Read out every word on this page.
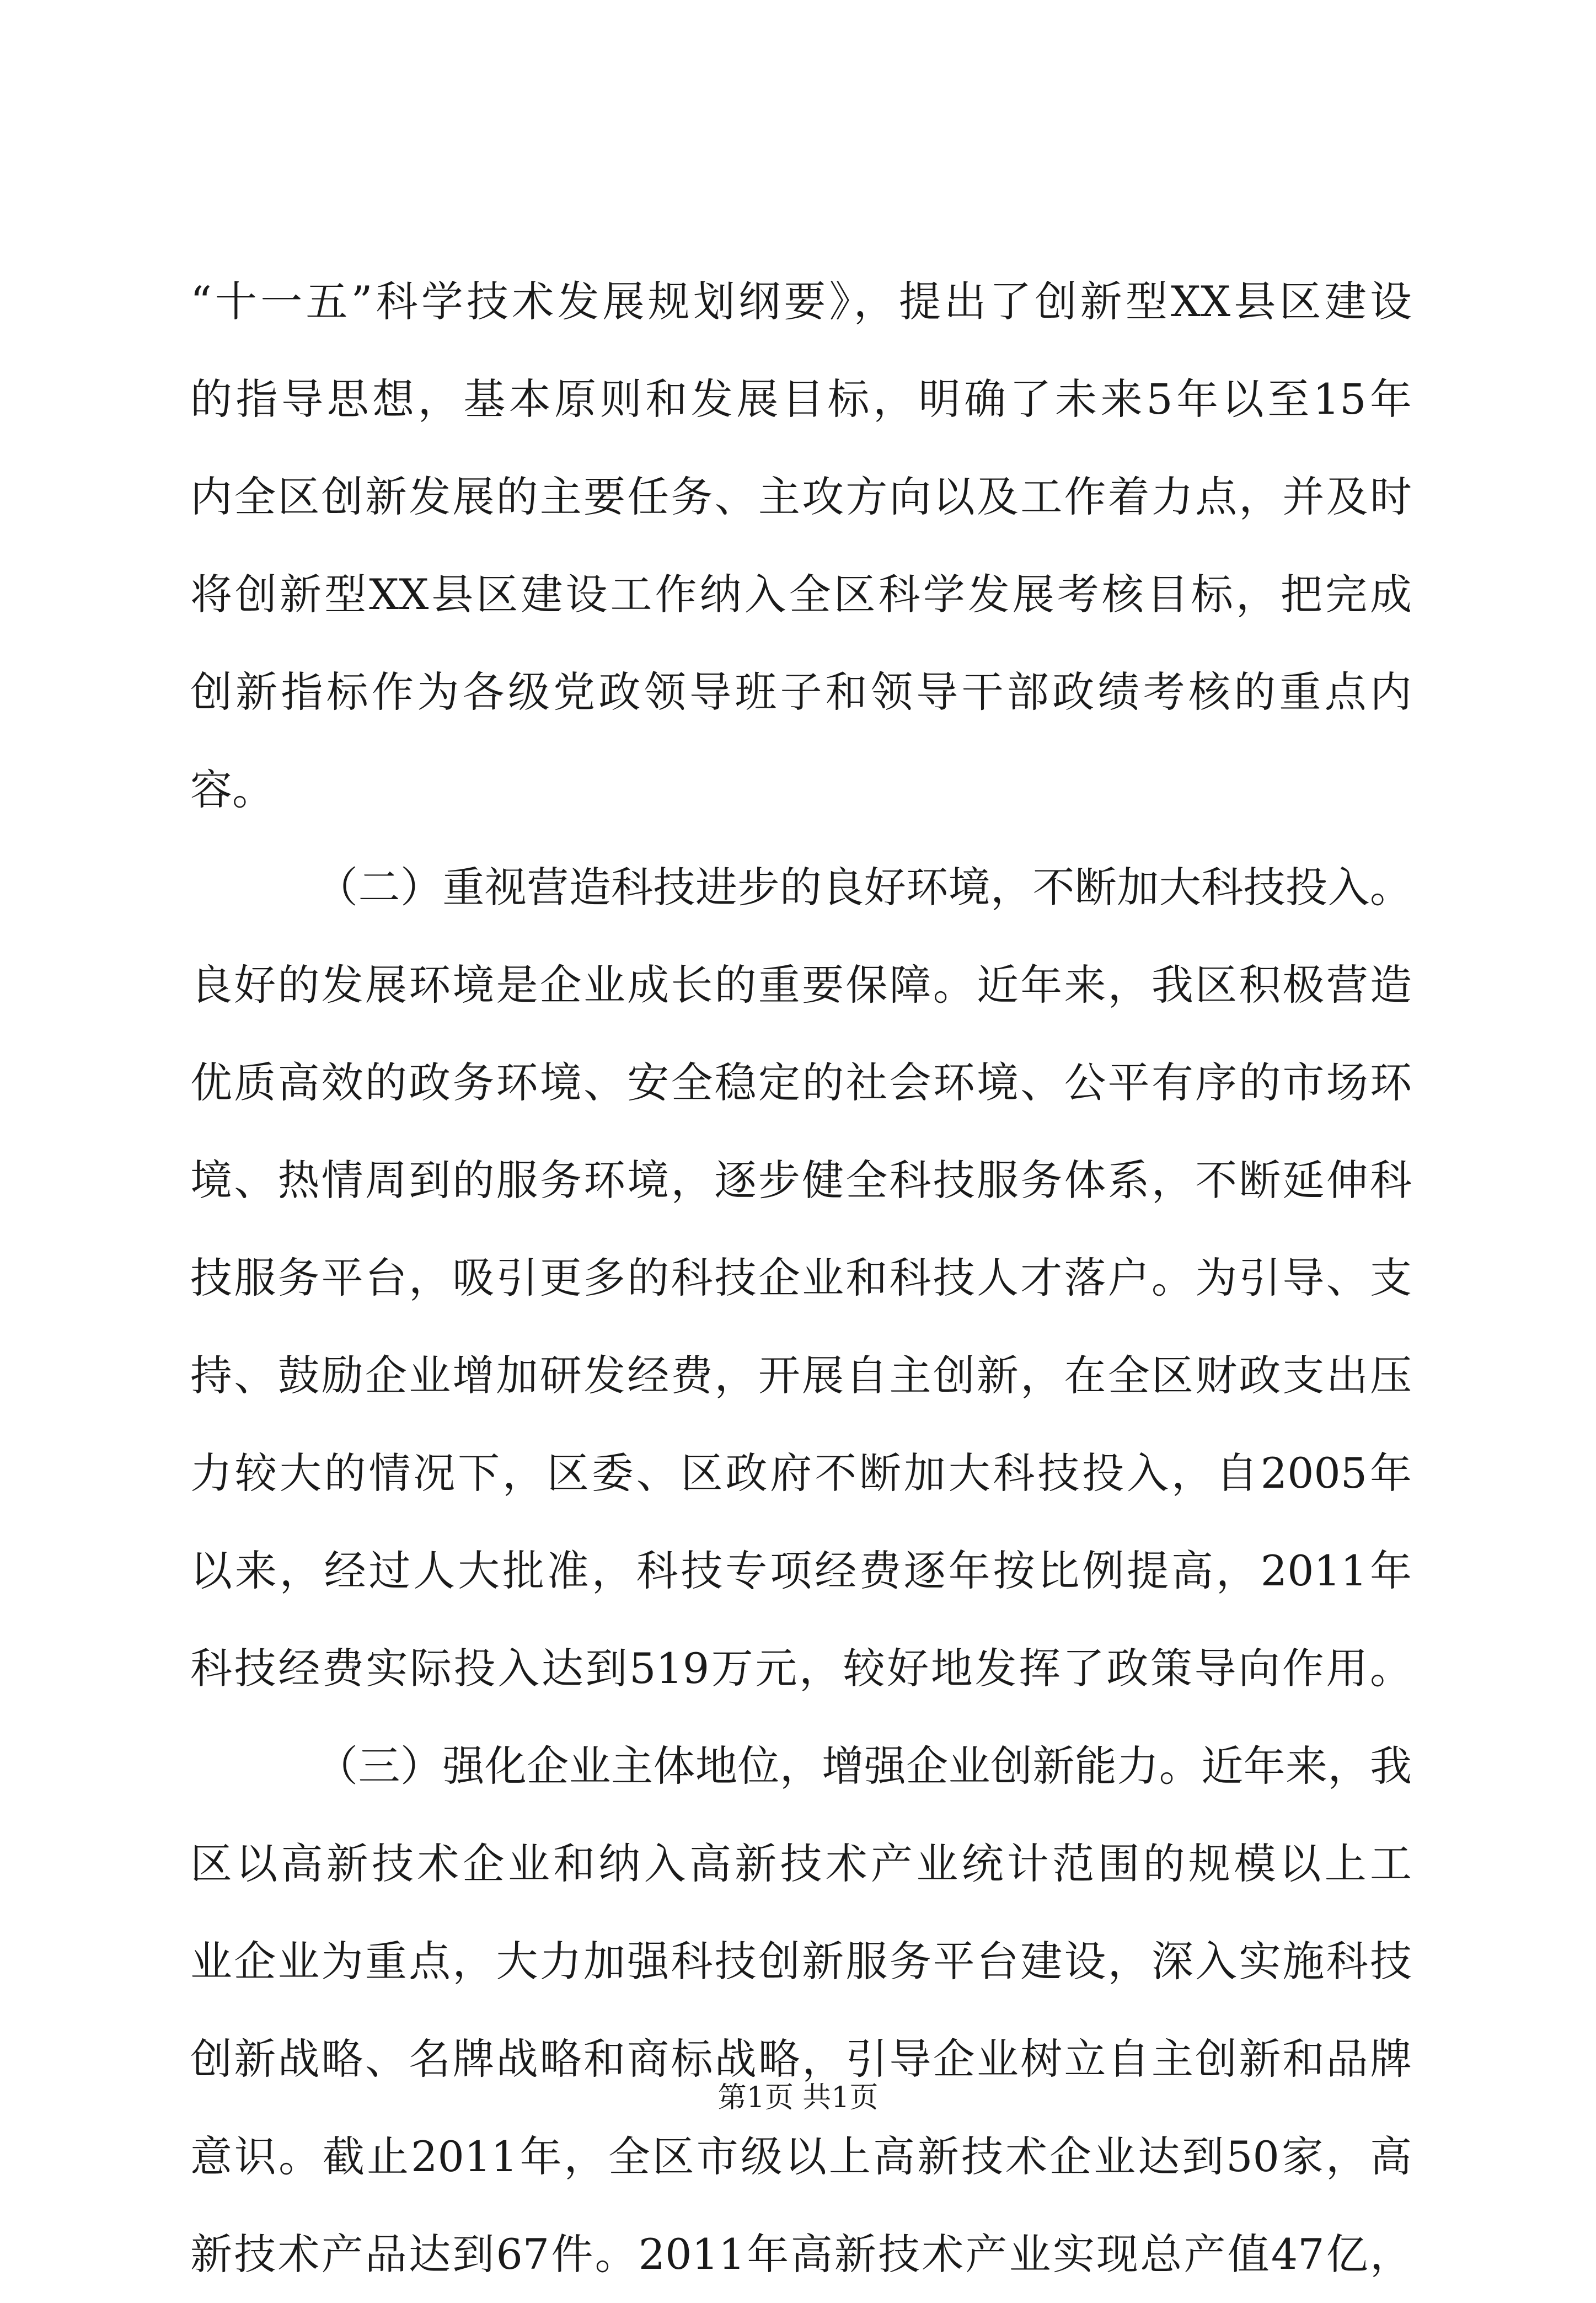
“十一五”科学技术发展规划纲要》，提出了创新型XX县区建设
的指导思想，基本原则和发展目标，明确了未来5年以至15年
内全区创新发展的主要任务、主攻方向以及工作着力点，并及时
将创新型XX县区建设工作纳入全区科学发展考核目标，把完成
创新指标作为各级党政领导班子和领导干部政绩考核的重点内
容。
（二）重视营造科技进步的良好环境，不断加大科技投入。
良好的发展环境是企业成长的重要保障。近年来，我区积极营造
优质高效的政务环境、安全稳定的社会环境、公平有序的市场环
境、热情周到的服务环境，逐步健全科技服务体系，不断延伸科
技服务平台，吸引更多的科技企业和科技人才落户。为引导、支
持、鼓励企业增加研发经费，开展自主创新，在全区财政支出压
力较大的情况下，区委、区政府不断加大科技投入，自2005年
以来，经过人大批准，科技专项经费逐年按比例提高，2011年
科技经费实际投入达到519万元，较好地发挥了政策导向作用。
（三）强化企业主体地位，增强企业创新能力。近年来，我
区以高新技术企业和纳入高新技术产业统计范围的规模以上工
业企业为重点，大力加强科技创新服务平台建设，深入实施科技
创新战略、名牌战略和商标战略，引导企业树立自主创新和品牌
意识。截止2011年，全区市级以上高新技术企业达到50家，高
新技术产品达到67件。2011年高新技术产业实现总产值47亿，
第1页 共1页
